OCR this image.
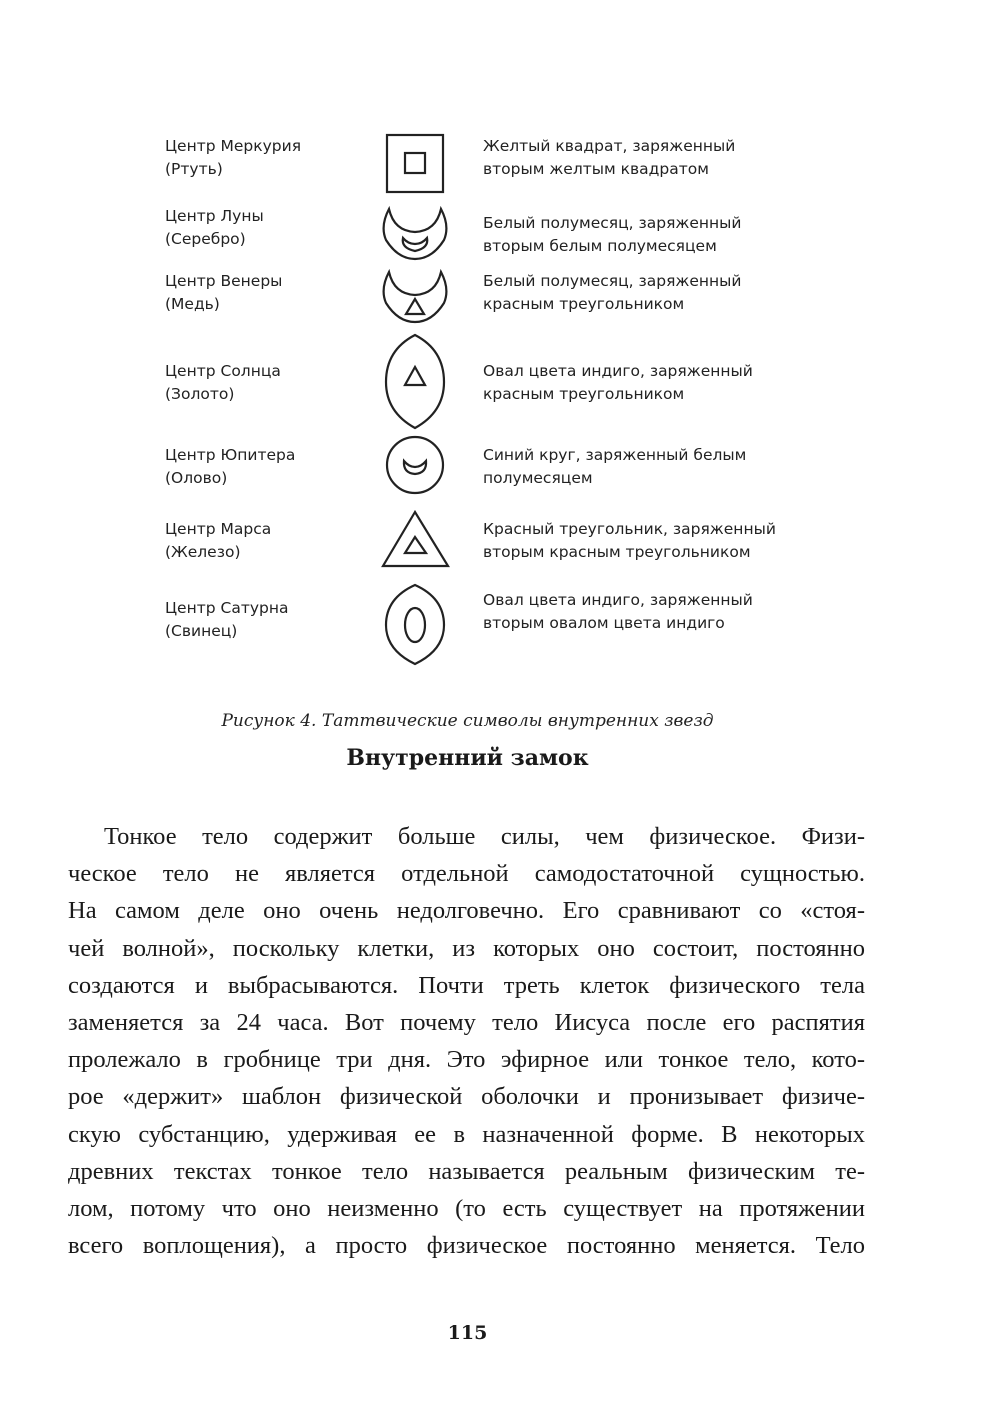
Центр Меркурия
(Ртуть)
Желтый квадрат, заряженный
вторым желтым квадратом
Центр Луны
(Серебро)
Белый полумесяц, заряженный
вторым белым полумесяцем
Центр Венеры
(Медь)
Белый полумесяц, заряженный
красным треугольником
Центр Солнца
(Золото)
Овал цвета индиго, заряженный
красным треугольником
Центр Юпитера
(Олово)
Синий круг, заряженный белым
полумесяцем
Центр Марса
(Железо)
Красный треугольник, заряженный
вторым красным треугольником
Центр Сатурна
(Свинец)
Овал цвета индиго, заряженный
вторым овалом цвета индиго
Рисунок 4. Таттвические символы внутренних звезд
Внутренний замок
Тонкое тело содержит больше силы, чем физическое. Физи-
ческое тело не является отдельной самодостаточной сущностью.
На самом деле оно очень недолговечно. Его сравнивают со «стоя-
чей волной», поскольку клетки, из которых оно состоит, постоянно
создаются и выбрасываются. Почти треть клеток физического тела
заменяется за 24 часа. Вот почему тело Иисуса после его распятия
пролежало в гробнице три дня. Это эфирное или тонкое тело, кото-
рое «держит» шаблон физической оболочки и пронизывает физиче-
скую субстанцию, удерживая ее в назначенной форме. В некоторых
древних текстах тонкое тело называется реальным физическим те-
лом, потому что оно неизменно (то есть существует на протяжении
всего воплощения), а просто физическое постоянно меняется. Тело
115
